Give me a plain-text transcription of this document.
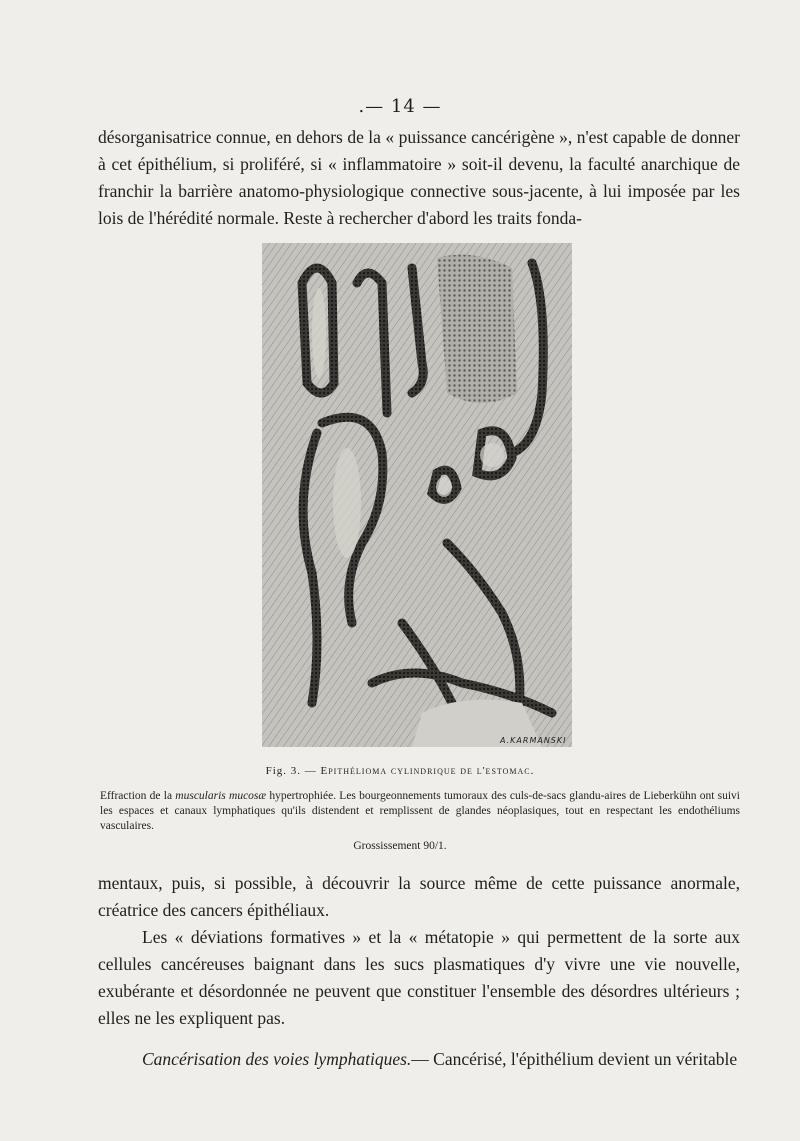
.— 14 —

désorganisatrice connue, en dehors de la « puissance cancérigène », n'est capable de donner à cet épithélium, si proliféré, si « inflammatoire » soit-il devenu, la faculté anarchique de franchir la barrière anatomo-physiologique connective sous-jacente, à lui imposée par les lois de l'hérédité normale. Reste à rechercher d'abord les traits fonda-

A.KARMANSKI
Fig. 3. — Epithélioma cylindrique de l'estomac.

Effraction de la muscularis mucosæ hypertrophiée. Les bourgeonnements tumoraux des culs-de-sacs glandu-aires de Lieberkühn ont suivi les espaces et canaux lymphatiques qu'ils distendent et remplissent de glandes néoplasiques, tout en respectant les endothéliums vasculaires.

Grossissement 90/1.
mentaux, puis, si possible, à découvrir la source même de cette puissance anormale, créatrice des cancers épithéliaux.
Les « déviations formatives » et la « métatopie » qui permettent de la sorte aux cellules cancéreuses baignant dans les sucs plasmatiques d'y vivre une vie nouvelle, exubérante et désordonnée ne peuvent que constituer l'ensemble des désordres ultérieurs ; elles ne les expliquent pas.
Cancérisation des voies lymphatiques.— Cancérisé, l'épithélium devient un véritable
